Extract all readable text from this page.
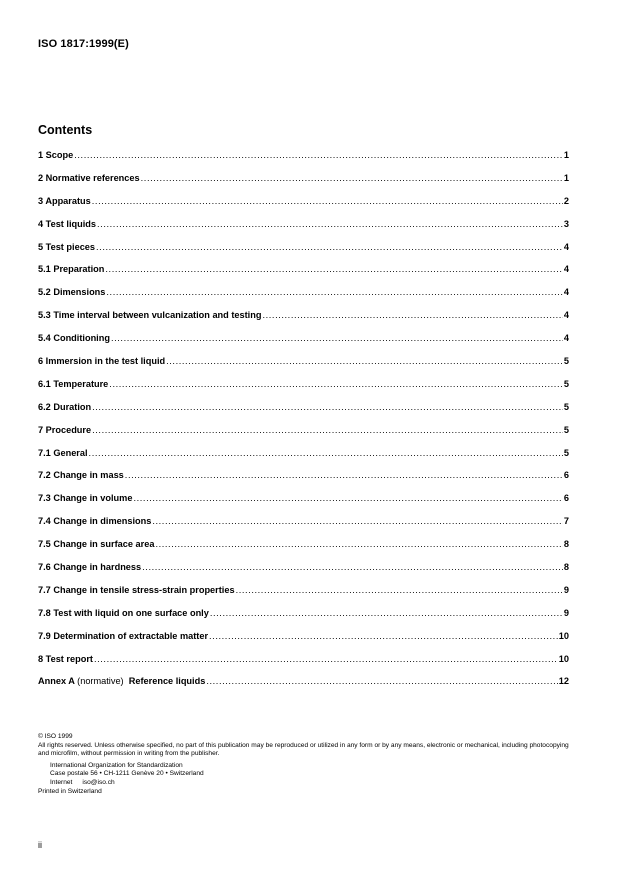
ISO 1817:1999(E)
Contents
1 Scope .....	1
2 Normative references .....	1
3 Apparatus .....	2
4 Test liquids .....	3
5 Test pieces .....	4
5.1 Preparation .....	4
5.2 Dimensions .....	4
5.3 Time interval between vulcanization and testing .....	4
5.4 Conditioning .....	4
6 Immersion in the test liquid .....	5
6.1 Temperature .....	5
6.2 Duration .....	5
7 Procedure .....	5
7.1 General .....	5
7.2 Change in mass .....	6
7.3 Change in volume .....	6
7.4 Change in dimensions .....	7
7.5 Change in surface area .....	8
7.6 Change in hardness .....	8
7.7 Change in tensile stress-strain properties .....	9
7.8 Test with liquid on one surface only .....	9
7.9 Determination of extractable matter .....	10
8 Test report .....	10
Annex A (normative) Reference liquids .....	12
© ISO 1999
All rights reserved. Unless otherwise specified, no part of this publication may be reproduced or utilized in any form or by any means, electronic or mechanical, including photocopying and microfilm, without permission in writing from the publisher.
International Organization for Standardization
Case postale 56 • CH-1211 Genève 20 • Switzerland
Internet iso@iso.ch
Printed in Switzerland
ii
